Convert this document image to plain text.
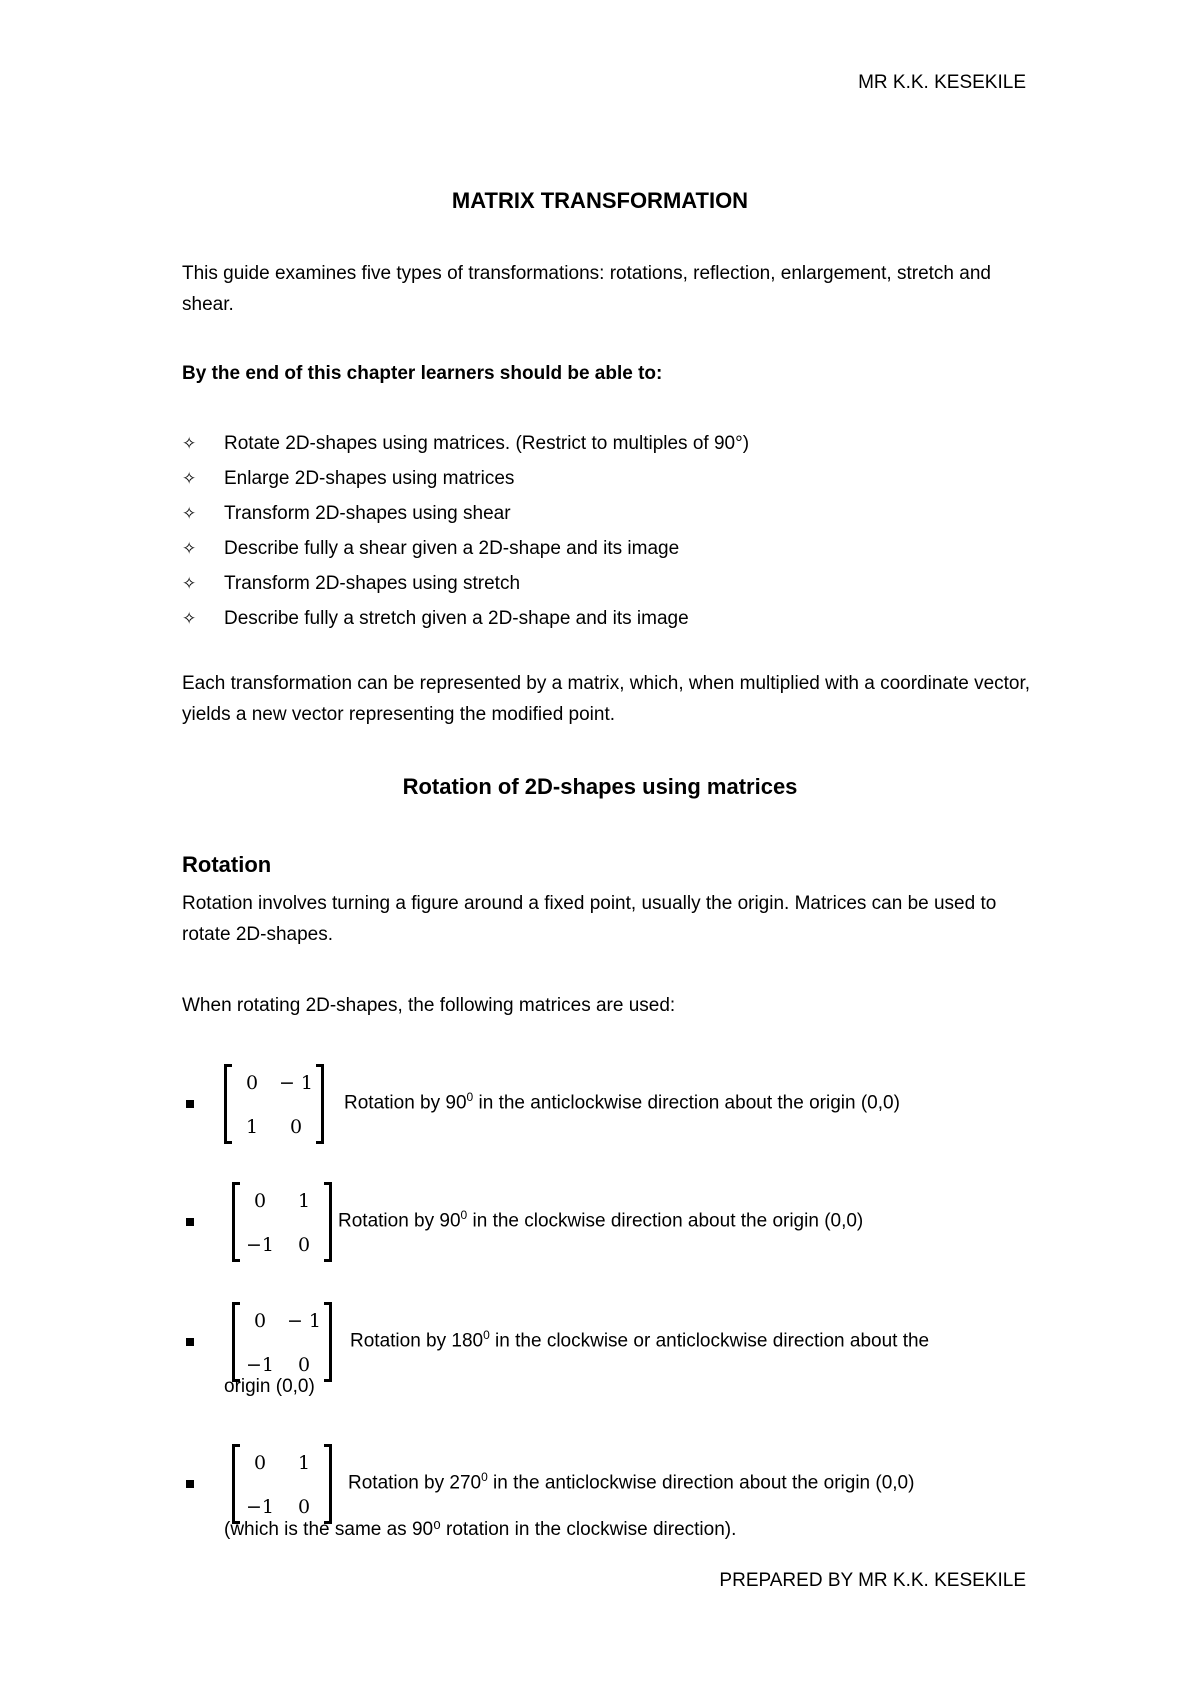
MR K.K. KESEKILE
MATRIX TRANSFORMATION
This guide examines five types of transformations: rotations, reflection, enlargement, stretch and shear.
By the end of this chapter learners should be able to:
✧	Rotate 2D-shapes using matrices. (Restrict to multiples of 90°)
✧	Enlarge 2D-shapes using matrices
✧	Transform 2D-shapes using shear
✧	Describe fully a shear given a 2D-shape and its image
✧	Transform 2D-shapes using stretch
✧	Describe fully a stretch given a 2D-shape and its image
Each transformation can be represented by a matrix, which, when multiplied with a coordinate vector, yields a new vector representing the modified point.
Rotation of 2D-shapes using matrices
Rotation
Rotation involves turning a figure around a fixed point, usually the origin. Matrices can be used to rotate 2D-shapes.
When rotating 2D-shapes, the following matrices are used:
0	− 1
1	0
Rotation by $90^0$ in the anticlockwise direction about the origin (0,0)
0	1
−1	0
Rotation by $90^0$ in the clockwise direction about the origin (0,0)
0	− 1
−1	0
Rotation by $180^0$ in the clockwise or anticlockwise direction about the
origin (0,0)
0	1
−1	0
Rotation by $270^0$ in the anticlockwise direction about the origin (0,0)
(which is the same as 90⁰ rotation in the clockwise direction).
PREPARED BY MR K.K. KESEKILE
